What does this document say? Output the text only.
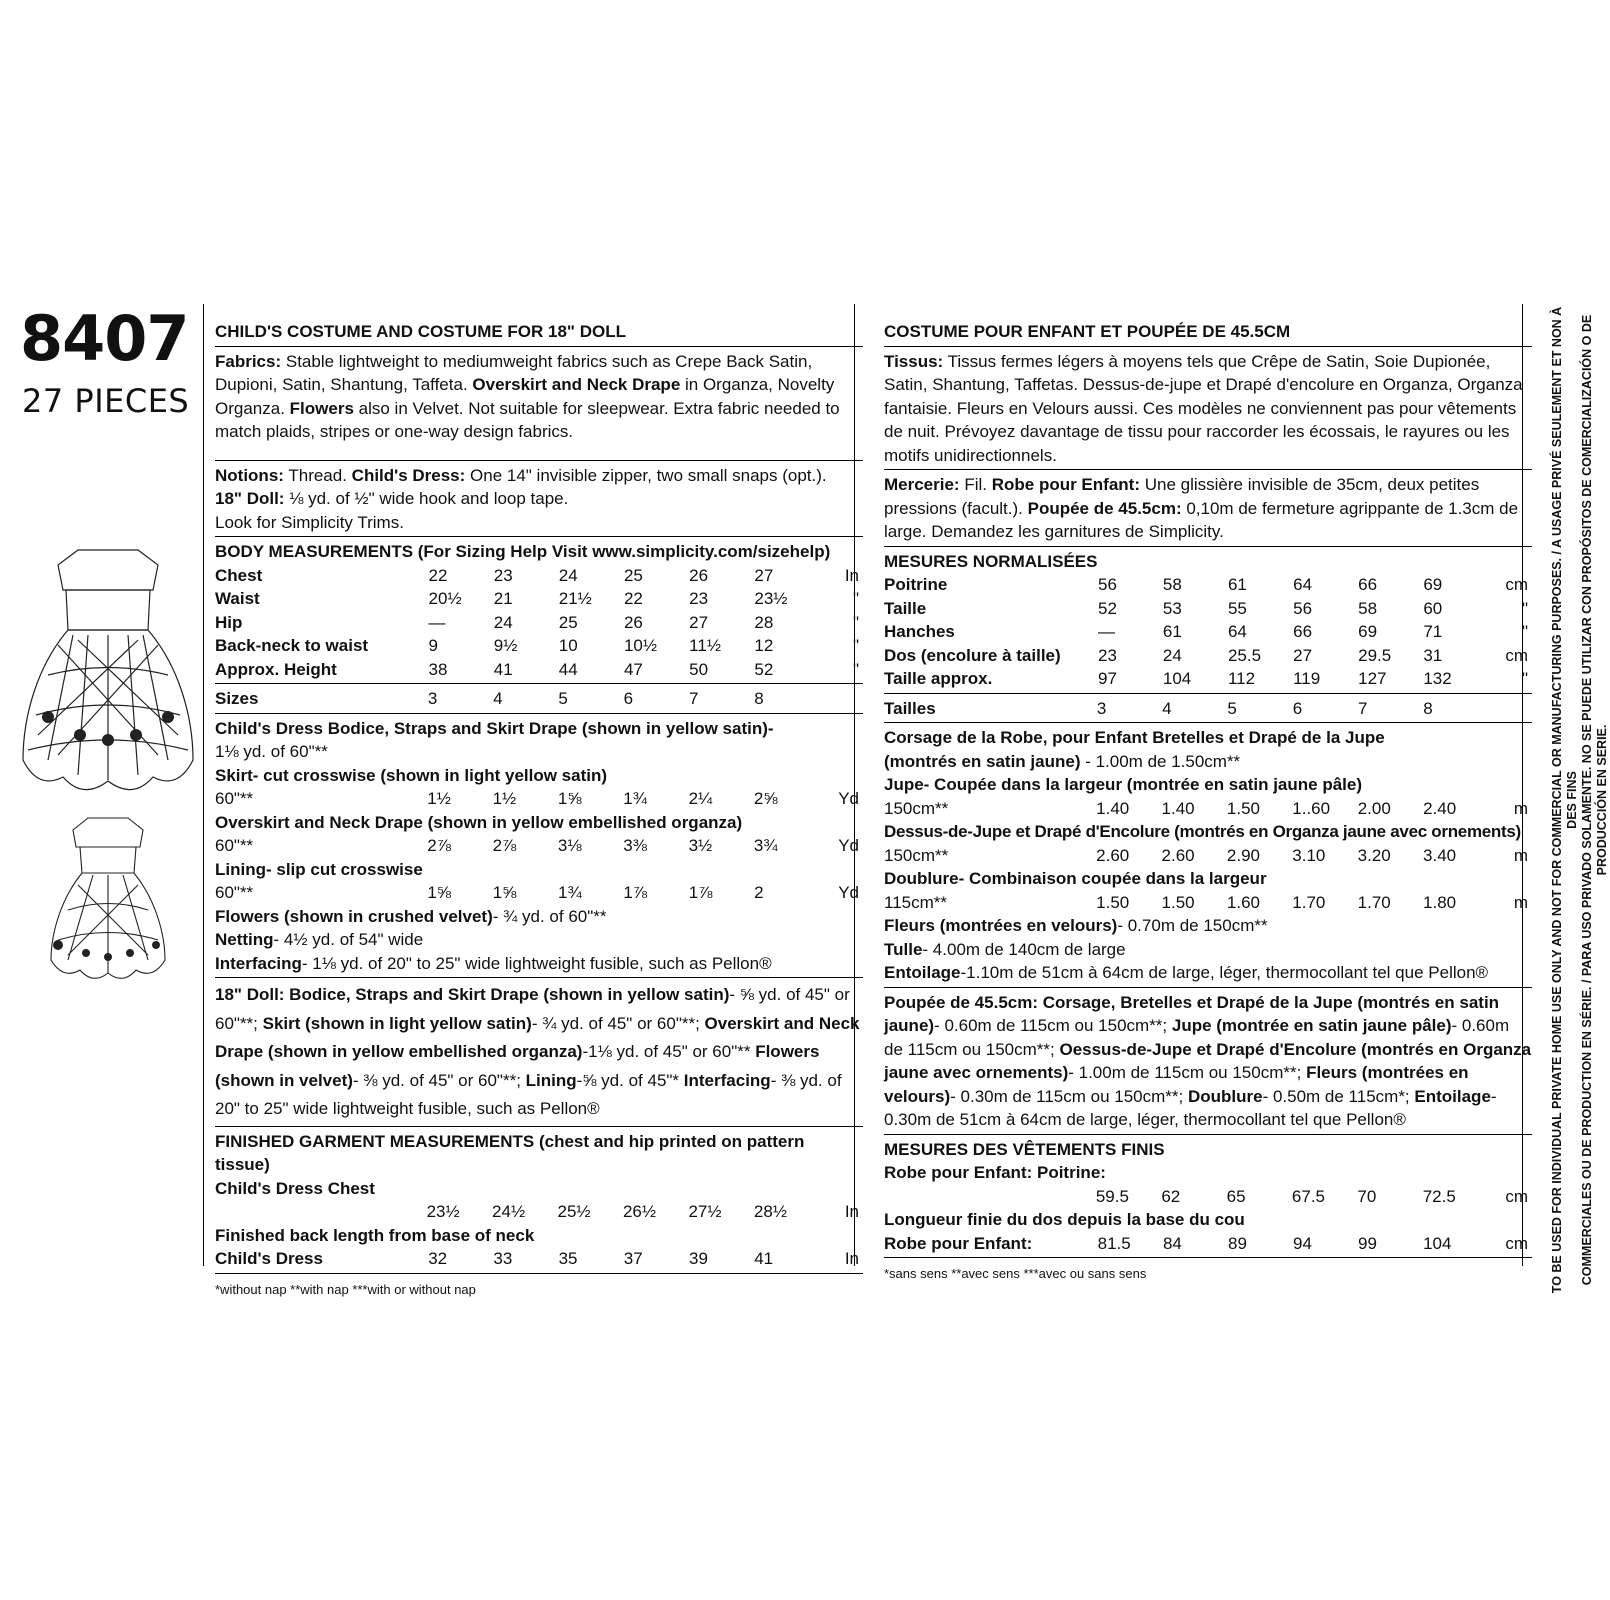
8407
27 PIECES
CHILD'S COSTUME AND COSTUME FOR 18" DOLL

Fabrics: Stable lightweight to mediumweight fabrics such as Crepe Back Satin, Dupioni, Satin, Shantung, Taffeta. Overskirt and Neck Drape in Organza, Novelty Organza. Flowers also in Velvet. Not suitable for sleepwear. Extra fabric needed to match plaids, stripes or one-way design fabrics.

Notions: Thread. Child's Dress: One 14" invisible zipper, two small snaps (opt.).
18" Doll: ⅛ yd. of ½" wide hook and loop tape.
Look for Simplicity Trims.

BODY MEASUREMENTS (For Sizing Help Visit www.simplicity.com/sizehelp)
Chest	22	23	24	25	26	27	In
Waist	20½	21	21½	22	23	23½	"
Hip	—	24	25	26	27	28	"
Back-neck to waist	9	9½	10	10½	11½	12	"
Approx. Height	38	41	44	47	50	52	"
Sizes	3	4	5	6	7	8	

Child's Dress Bodice, Straps and Skirt Drape (shown in yellow satin)-

1⅛ yd. of 60"**

Skirt- cut crosswise (shown in light yellow satin)

60"**	1½	1½	1⅝	1¾	2¼	2⅝	Yd

Overskirt and Neck Drape (shown in yellow embellished organza)

60"**	2⅞	2⅞	3⅛	3⅜	3½	3¾	Yd

Lining- slip cut crosswise

60"**	1⅝	1⅝	1¾	1⅞	1⅞	2	Yd

Flowers (shown in crushed velvet)- ¾ yd. of 60"**

Netting- 4½ yd. of 54" wide

Interfacing- 1⅛ yd. of 20" to 25" wide lightweight fusible, such as Pellon®

18" Doll: Bodice, Straps and Skirt Drape (shown in yellow satin)- ⅝ yd. of 45" or 60"**; Skirt (shown in light yellow satin)- ¾ yd. of 45" or 60"**; Overskirt and Neck Drape (shown in yellow embellished organza)-1⅛ yd. of 45" or 60"** Flowers (shown in velvet)- ⅜ yd. of 45" or 60"**; Lining-⅝ yd. of 45"* Interfacing- ⅜ yd. of 20" to 25" wide lightweight fusible, such as Pellon®

FINISHED GARMENT MEASUREMENTS (chest and hip printed on pattern tissue)

Child's Dress Chest

	23½	24½	25½	26½	27½	28½	In

Finished back length from base of neck

Child's Dress	32	33	35	37	39	41	In
*without nap **with nap ***with or without nap
COSTUME POUR ENFANT ET POUPÉE DE 45.5CM

Tissus: Tissus fermes légers à moyens tels que Crêpe de Satin, Soie Dupionée, Satin, Shantung, Taffetas. Dessus-de-jupe et Drapé d'encolure en Organza, Organza fantaisie. Fleurs en Velours aussi. Ces modèles ne conviennent pas pour vêtements de nuit. Prévoyez davantage de tissu pour raccorder les écossais, le rayures ou les motifs unidirectionnels.

Mercerie: Fil. Robe pour Enfant: Une glissière invisible de 35cm, deux petites pressions (facult.). Poupée de 45.5cm: 0,10m de fermeture agrippante de 1.3cm de large. Demandez les garnitures de Simplicity.

MESURES NORMALISÉES
Poitrine	56	58	61	64	66	69	cm
Taille	52	53	55	56	58	60	"
Hanches	—	61	64	66	69	71	"
Dos (encolure à taille)	23	24	25.5	27	29.5	31	cm
Taille approx.	97	104	112	119	127	132	"
Tailles	3	4	5	6	7	8	

Corsage de la Robe, pour Enfant Bretelles et Drapé de la Jupe

(montrés en satin jaune) - 1.00m de 1.50cm**

Jupe- Coupée dans la largeur (montrée en satin jaune pâle)

150cm**	1.40	1.40	1.50	1..60	2.00	2.40	m

Dessus-de-Jupe et Drapé d'Encolure (montrés en Organza jaune avec ornements)

150cm**	2.60	2.60	2.90	3.10	3.20	3.40	m

Doublure- Combinaison coupée dans la largeur

115cm**	1.50	1.50	1.60	1.70	1.70	1.80	m

Fleurs (montrées en velours)- 0.70m de 150cm**

Tulle- 4.00m de 140cm de large

Entoilage-1.10m de 51cm à 64cm de large, léger, thermocollant tel que Pellon®

Poupée de 45.5cm: Corsage, Bretelles et Drapé de la Jupe (montrés en satin jaune)- 0.60m de 115cm ou 150cm**; Jupe (montrée en satin jaune pâle)- 0.60m de 115cm ou 150cm**; Oessus-de-Jupe et Drapé d'Encolure (montrés en Organza jaune avec ornements)- 1.00m de 115cm ou 150cm**; Fleurs (montrées en velours)- 0.30m de 115cm ou 150cm**; Doublure- 0.50m de 115cm*; Entoilage- 0.30m de 51cm à 64cm de large, léger, thermocollant tel que Pellon®

MESURES DES VÊTEMENTS FINIS

Robe pour Enfant: Poitrine:

	59.5	62	65	67.5	70	72.5	cm

Longueur finie du dos depuis la base du cou

Robe pour Enfant:	81.5	84	89	94	99	104	cm
*sans sens **avec sens ***avec ou sans sens	TO BE USED FOR INDIVIDUAL PRIVATE HOME USE ONLY AND NOT FOR COMMERCIAL OR MANUFACTURING PURPOSES. / A USAGE PRIVÉ SEULEMENT ET NON À DES FINS COMMERCIALES OU DE PRODUCTION EN SÉRIE. / PARA USO PRIVADO SOLAMENTE. NO SE PUEDE UTILIZAR CON PROPÓSITOS DE COMERCIALIZACIÓN O DE PRODUCCIÓN EN SERIE.
